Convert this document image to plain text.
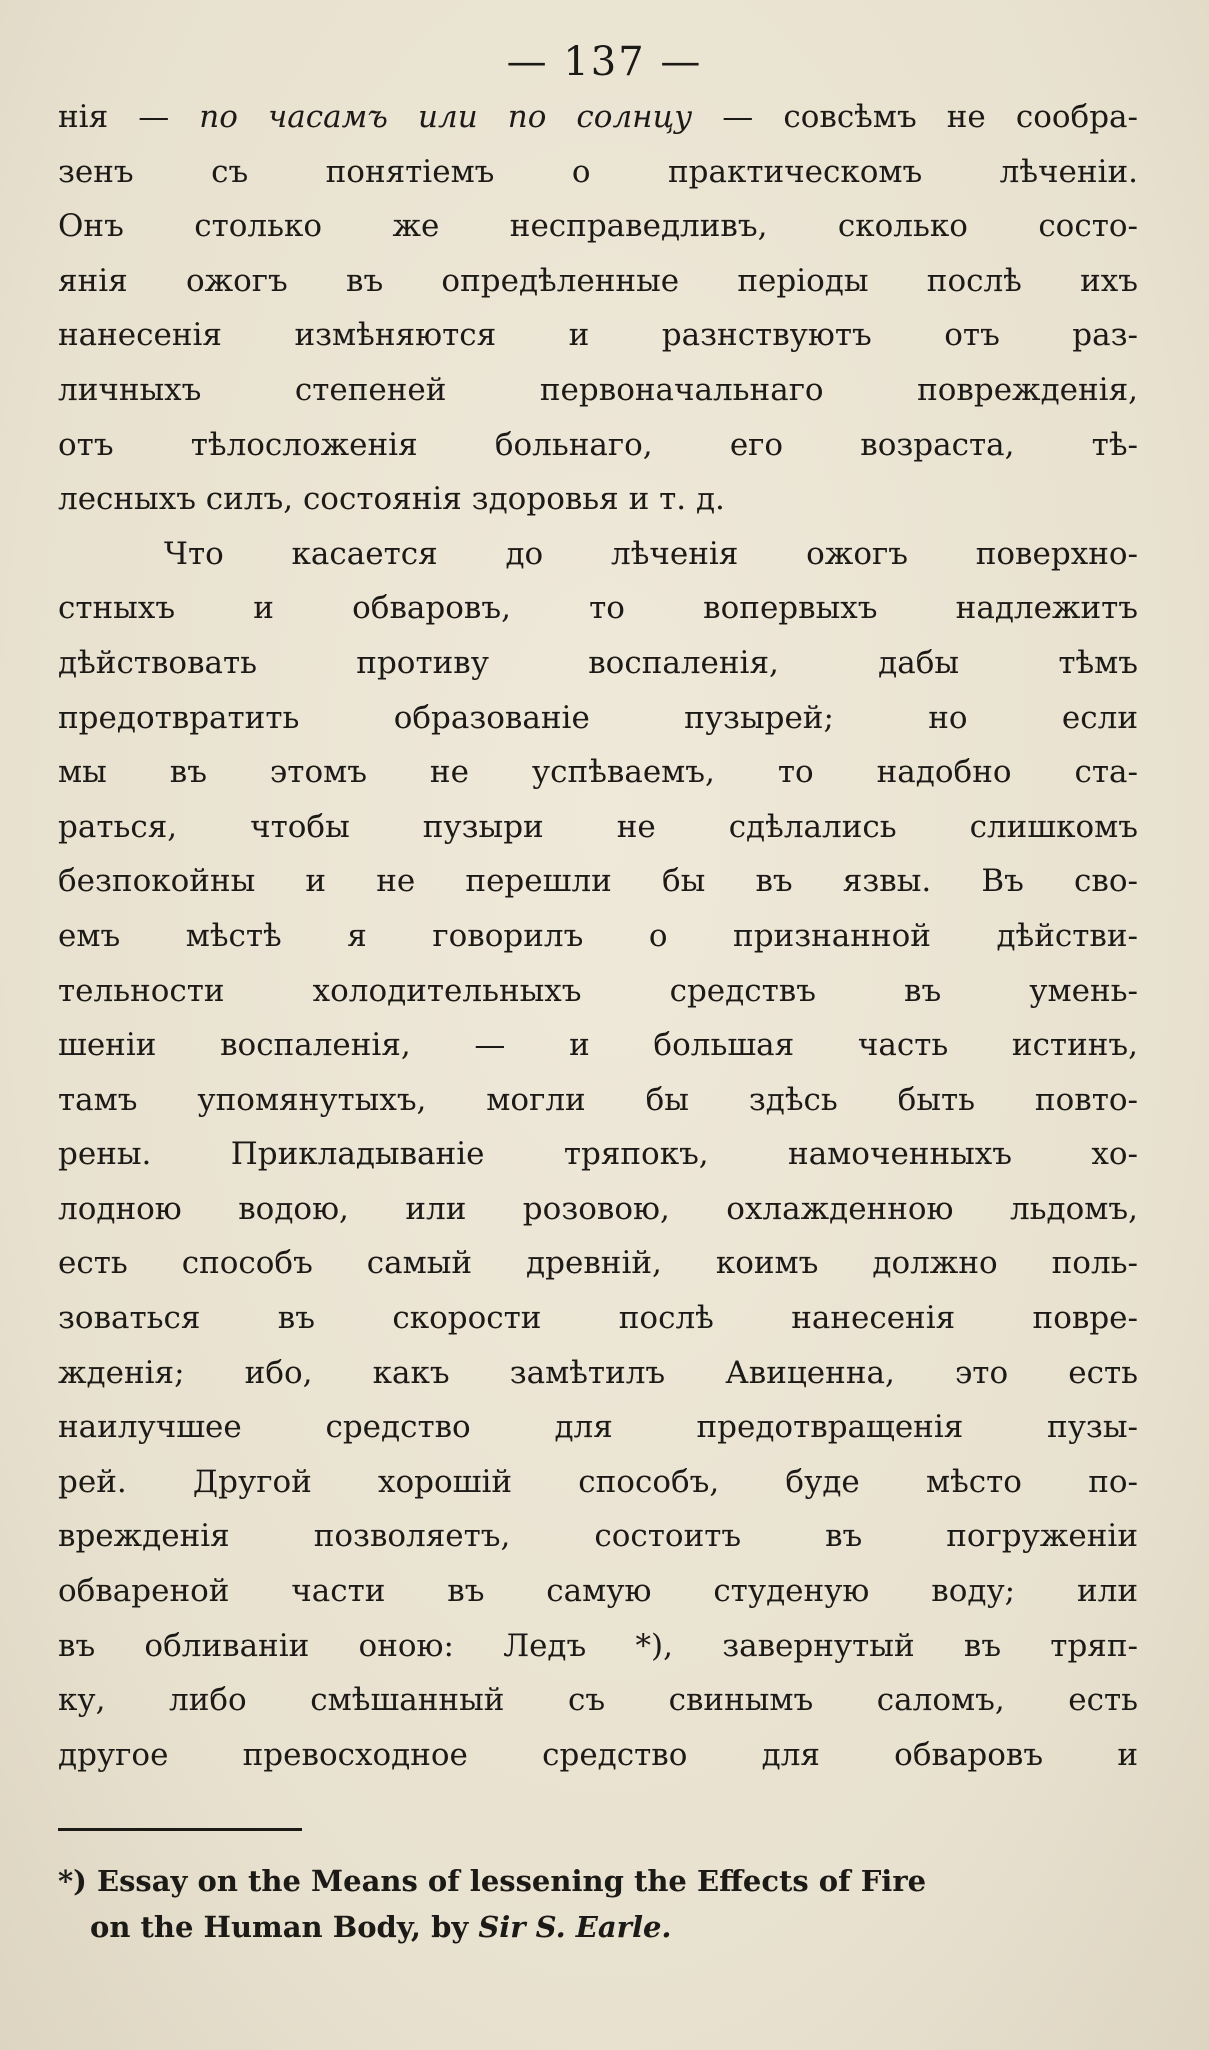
— 137 —
нія — по часамъ или по солнцу — совсѣмъ не сообра-
зенъ съ понятіемъ о практическомъ лѣченіи.
Онъ столько же несправедливъ, сколько состо-
янія ожогъ въ опредѣленные періоды послѣ ихъ
нанесенія измѣняются и разнствуютъ отъ раз-
личныхъ степеней первоначальнаго поврежденія,
отъ тѣлосложенія больнаго, его возраста, тѣ-
лесныхъ силъ, состоянія здоровья и т. д.
Что касается до лѣченія ожогъ поверхно-
стныхъ и обваровъ, то вопервыхъ надлежитъ
дѣйствовать противу воспаленія, дабы тѣмъ
предотвратить образованіе пузырей; но если
мы въ этомъ не успѣваемъ, то надобно ста-
раться, чтобы пузыри не сдѣлались слишкомъ
безпокойны и не перешли бы въ язвы. Въ сво-
емъ мѣстѣ я говорилъ о признанной дѣйстви-
тельности холодительныхъ средствъ въ умень-
шеніи воспаленія, — и большая часть истинъ,
тамъ упомянутыхъ, могли бы здѣсь быть повто-
рены. Прикладываніе тряпокъ, намоченныхъ хо-
лодною водою, или розовою, охлажденною льдомъ,
есть способъ самый древній, коимъ должно поль-
зоваться въ скорости послѣ нанесенія повре-
жденія; ибо, какъ замѣтилъ Авиценна, это есть
наилучшее средство для предотвращенія пузы-
рей. Другой хорошій способъ, буде мѣсто по-
врежденія позволяетъ, состоитъ въ погруженіи
обвареной части въ самую студеную воду; или
въ обливаніи оною: Ледъ *), завернутый въ тряп-
ку, либо смѣшанный съ свинымъ саломъ, есть
другое превосходное средство для обваровъ и
*) Essay on the Means of lessening the Effects of Fire
on the Human Body, by Sir S. Earle.
